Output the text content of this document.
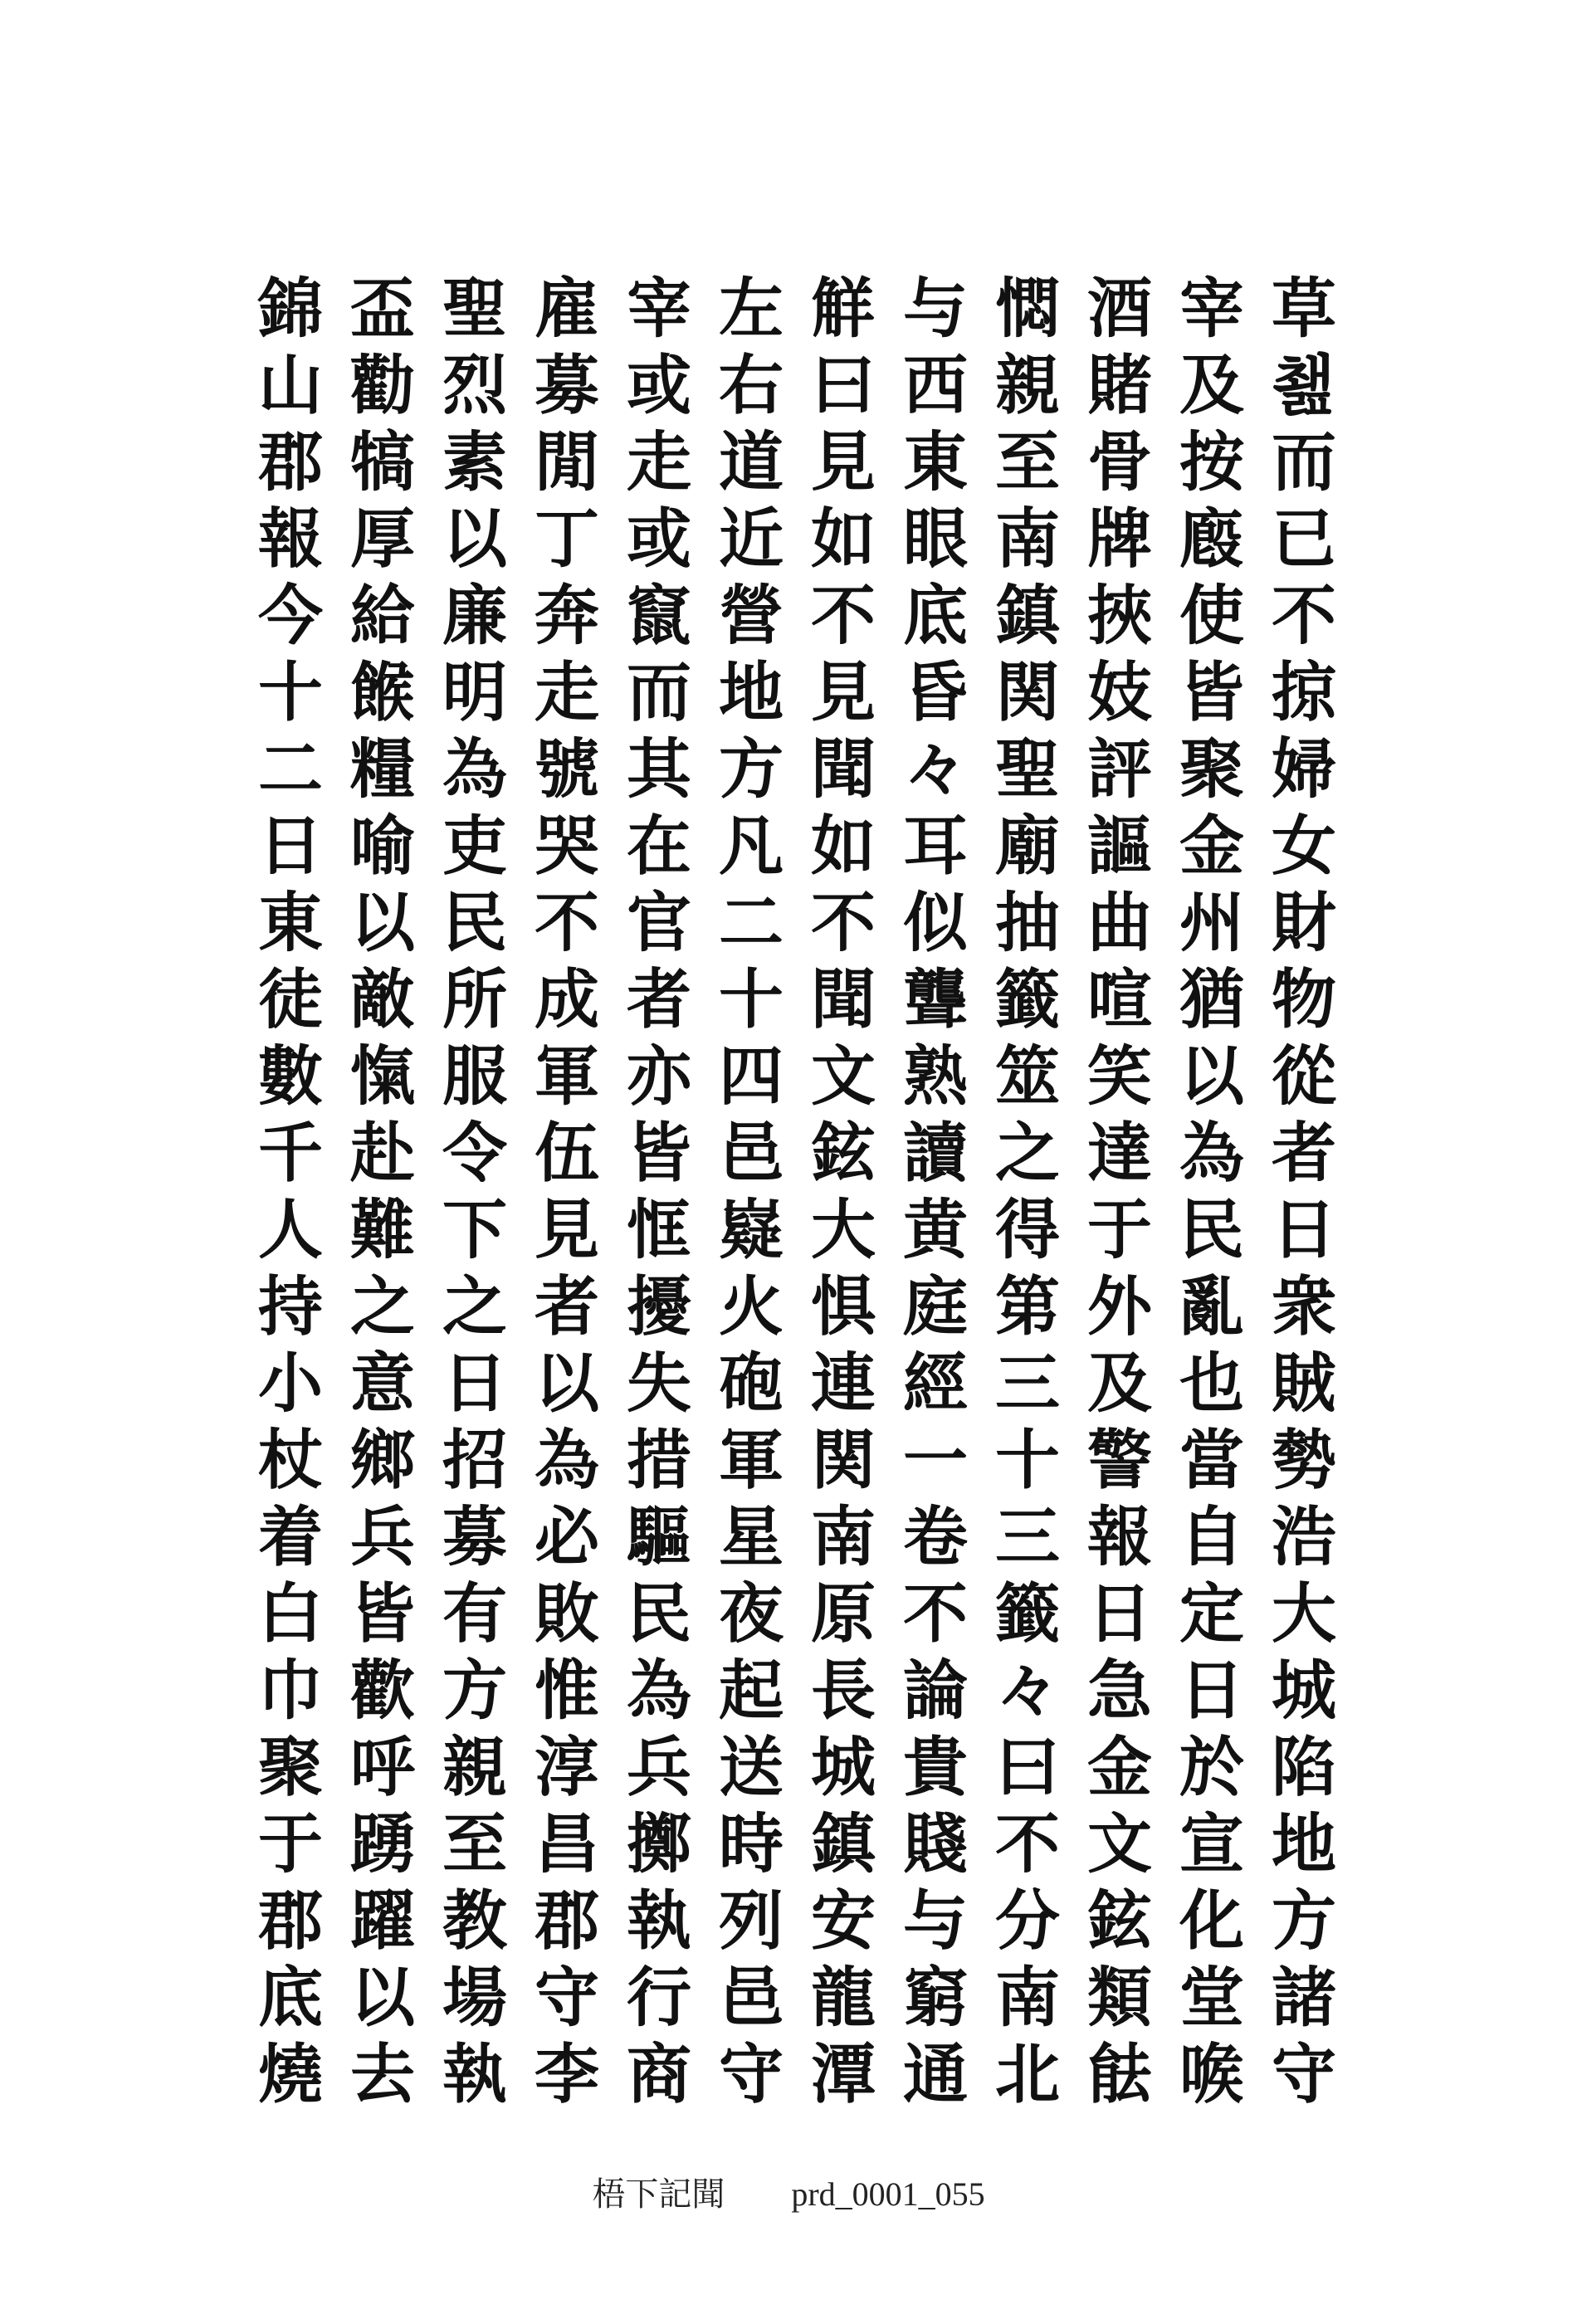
草쵎而已不掠婦女財物從者日衆賊勢浩大城陷地方諸守
宰及按廏使皆聚金州猶以為民亂也當自定日於宣化堂㗋
酒賭骨牌挾妓評謳曲喧笑達于外及警報日急金文鉉類䏻
㦖親至南鎮関聖廟抽籤筮之得第三十三籤々曰不分南北
与西東眼底昏々耳似聾熟讀黄庭經一卷不論貴賤与窮通
觧曰見如不見聞如不聞文鉉大惧連関南原長城鎮安龍潭
左右道近營地方凡二十四邑嶷火砲軍星夜起送時列邑守
宰或走或竄而其在官者亦皆恇擾失措驅民為兵擲執行商
雇募閒丁奔走號哭不成軍伍見者以為必敗惟淳昌郡守李
聖烈素以廉明為吏民所服令下之日招募有方親至教場執
盃勸犒厚給餱糧喻以敵愾赴難之意鄉兵皆歡呼踴躍以去
錦山郡報今十二日東徒數千人持小杖着白巾聚于郡底燒
梧下記聞 prd_0001_055
